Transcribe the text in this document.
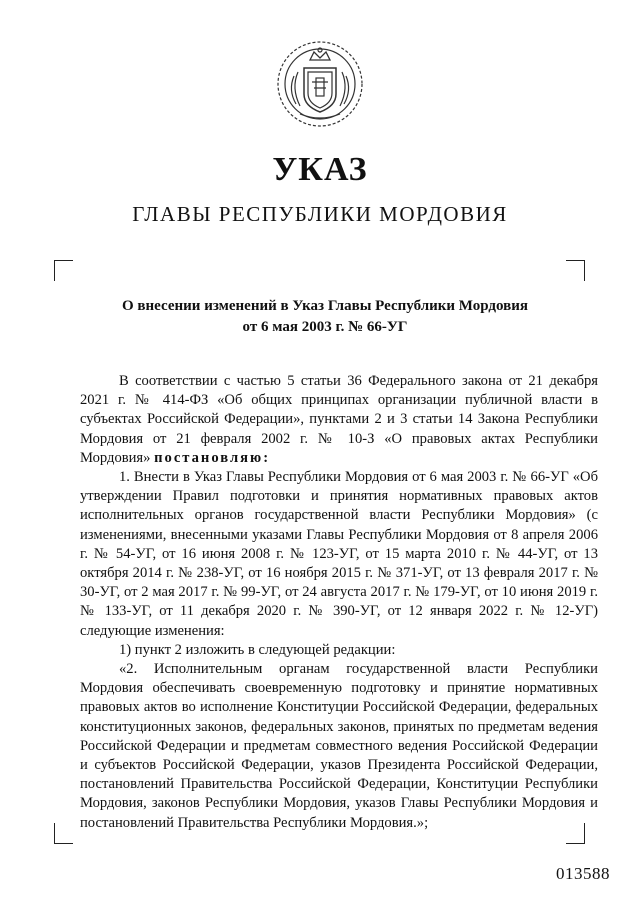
УКАЗ
ГЛАВЫ РЕСПУБЛИКИ МОРДОВИЯ
О внесении изменений в Указ Главы Республики Мордовия
от 6 мая 2003 г. № 66-УГ

В соответствии с частью 5 статьи 36 Федерального закона от 21 декабря 2021 г. № 414-ФЗ «Об общих принципах организации публичной власти в субъектах Российской Федерации», пунктами 2 и 3 статьи 14 Закона Республики Мордовия от 21 февраля 2002 г. № 10-З «О правовых актах Республики Мордовия» постановляю:

1. Внести в Указ Главы Республики Мордовия от 6 мая 2003 г. № 66-УГ «Об утверждении Правил подготовки и принятия нормативных правовых актов исполнительных органов государственной власти Республики Мордовия» (с изменениями, внесенными указами Главы Республики Мордовия от 8 апреля 2006 г. № 54-УГ, от 16 июня 2008 г. № 123-УГ, от 15 марта 2010 г. № 44-УГ, от 13 октября 2014 г. № 238-УГ, от 16 ноября 2015 г. № 371-УГ, от 13 февраля 2017 г. № 30-УГ, от 2 мая 2017 г. № 99-УГ, от 24 августа 2017 г. № 179-УГ, от 10 июня 2019 г. № 133-УГ, от 11 декабря 2020 г. № 390-УГ, от 12 января 2022 г. № 12-УГ) следующие изменения:

1) пункт 2 изложить в следующей редакции:

«2. Исполнительным органам государственной власти Республики Мордовия обеспечивать своевременную подготовку и принятие нормативных правовых актов во исполнение Конституции Российской Федерации, федеральных конституционных законов, федеральных законов, принятых по предметам ведения Российской Федерации и предметам совместного ведения Российской Федерации и субъектов Российской Федерации, указов Президента Российской Федерации, постановлений Правительства Российской Федерации, Конституции Республики Мордовия, законов Республики Мордовия, указов Главы Республики Мордовия и постановлений Правительства Республики Мордовия.»;

013588
